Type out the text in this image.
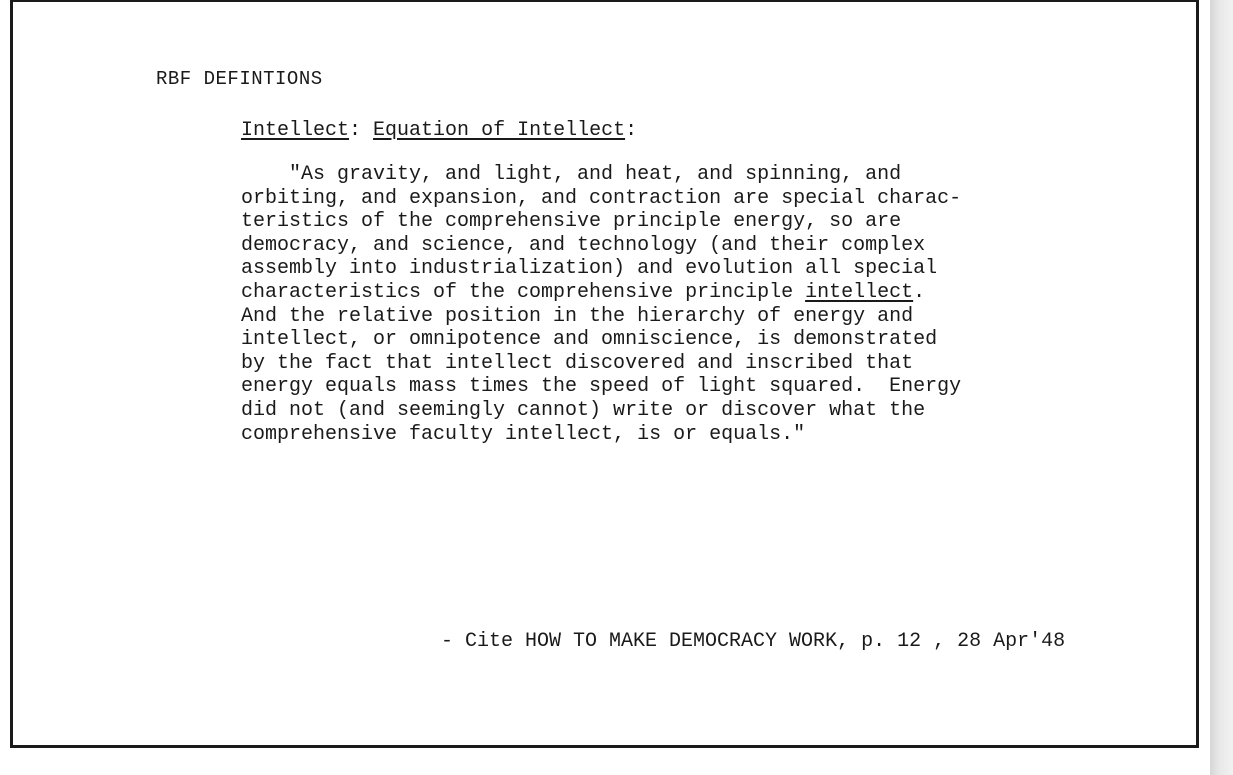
RBF DEFINTIONS
Intellect: Equation of Intellect:

"As gravity, and light, and heat, and spinning, and

orbiting, and expansion, and contraction are special charac-

teristics of the comprehensive principle energy, so are

democracy, and science, and technology (and their complex

assembly into industrialization) and evolution all special

characteristics of the comprehensive principle intellect.

And the relative position in the hierarchy of energy and

intellect, or omnipotence and omniscience, is demonstrated

by the fact that intellect discovered and inscribed that

energy equals mass times the speed of light squared.  Energy

did not (and seemingly cannot) write or discover what the

comprehensive faculty intellect, is or equals."

- Cite HOW TO MAKE DEMOCRACY WORK, p. 12 , 28 Apr'48
